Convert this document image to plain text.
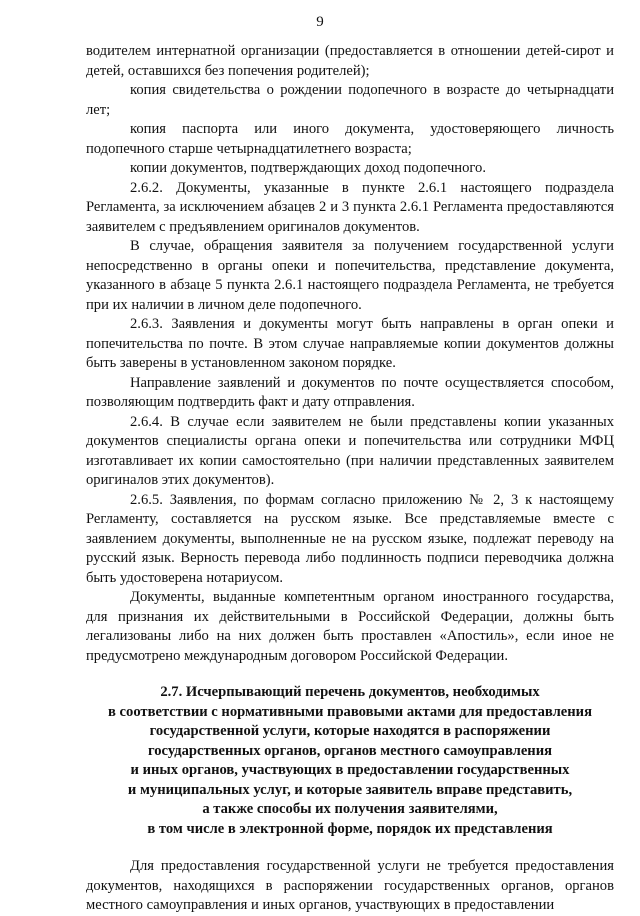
9

водителем интернатной организации (предоставляется в отношении детей-сирот и детей, оставшихся без попечения родителей);

копия свидетельства о рождении подопечного в возрасте до четырнадцати лет;

копия паспорта или иного документа, удостоверяющего личность подопечного старше четырнадцатилетнего возраста;

копии документов, подтверждающих доход подопечного.

2.6.2. Документы, указанные в пункте 2.6.1 настоящего подраздела Регламента, за исключением абзацев 2 и 3 пункта 2.6.1 Регламента предоставляются заявителем с предъявлением оригиналов документов.

В случае, обращения заявителя за получением государственной услуги непосредственно в органы опеки и попечительства, представление документа, указанного в абзаце 5 пункта 2.6.1 настоящего подраздела Регламента, не требуется при их наличии в личном деле подопечного.

2.6.3. Заявления и документы могут быть направлены в орган опеки и попечительства по почте. В этом случае направляемые копии документов должны быть заверены в установленном законом порядке.

Направление заявлений и документов по почте осуществляется способом, позволяющим подтвердить факт и дату отправления.

2.6.4. В случае если заявителем не были представлены копии указанных документов специалисты органа опеки и попечительства или сотрудники МФЦ изготавливает их копии самостоятельно (при наличии представленных заявителем оригиналов этих документов).

2.6.5. Заявления, по формам согласно приложению № 2, 3 к настоящему Регламенту, составляется на русском языке. Все представляемые вместе с заявлением документы, выполненные не на русском языке, подлежат переводу на русский язык. Верность перевода либо подлинность подписи переводчика должна быть удостоверена нотариусом.

Документы, выданные компетентным органом иностранного государства, для признания их действительными в Российской Федерации, должны быть легализованы либо на них должен быть проставлен «Апостиль», если иное не предусмотрено международным договором Российской Федерации.

2.7. Исчерпывающий перечень документов, необходимых
в соответствии с нормативными правовыми актами для предоставления
государственной услуги, которые находятся в распоряжении
государственных органов, органов местного самоуправления
и иных органов, участвующих в предоставлении государственных
и муниципальных услуг, и которые заявитель вправе представить,
а также способы их получения заявителями,
в том числе в электронной форме, порядок их представления

Для предоставления государственной услуги не требуется предоставления документов, находящихся в распоряжении государственных органов, органов местного самоуправления и иных органов, участвующих в предоставлении
